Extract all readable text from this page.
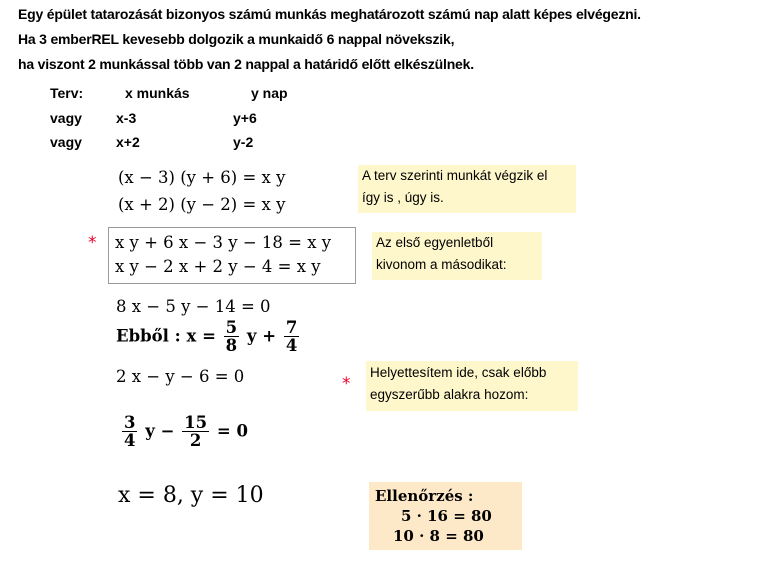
Egy épület tatarozását bizonyos számú munkás meghatározott számú nap alatt képes elvégezni.
Ha 3 emberREL kevesebb dolgozik a munkaidő 6 nappal növekszik,
ha viszont 2 munkással több van 2 nappal a határidő előtt elkészülnek.
Terv:	x munkás	y nap
vagy x-3	y+6
vagy x+2	y-2
(x − 3) (y + 6) = x y
(x + 2) (y − 2) = x y
A terv szerinti munkát végzik el
így is , úgy is.
* x y + 6 x − 3 y − 18 = x y
x y − 2 x + 2 y − 4 = x y
Az első egyenletből
kivonom a másodikat:
8 x − 5 y − 14 = 0
Ebből : $x = \frac{5}{8}$ $y + \frac{7}{4}$
2 x − y − 6 = 0	*
Helyettesítem ide, csak előbb
egyszerűbb alakra hozom:
$\frac{3}{4}$ $y - \frac{15}{2} = 0$
x = 8, y = 10	Ellenőrzés :
5 · 16 = 80
10 · 8 = 80
